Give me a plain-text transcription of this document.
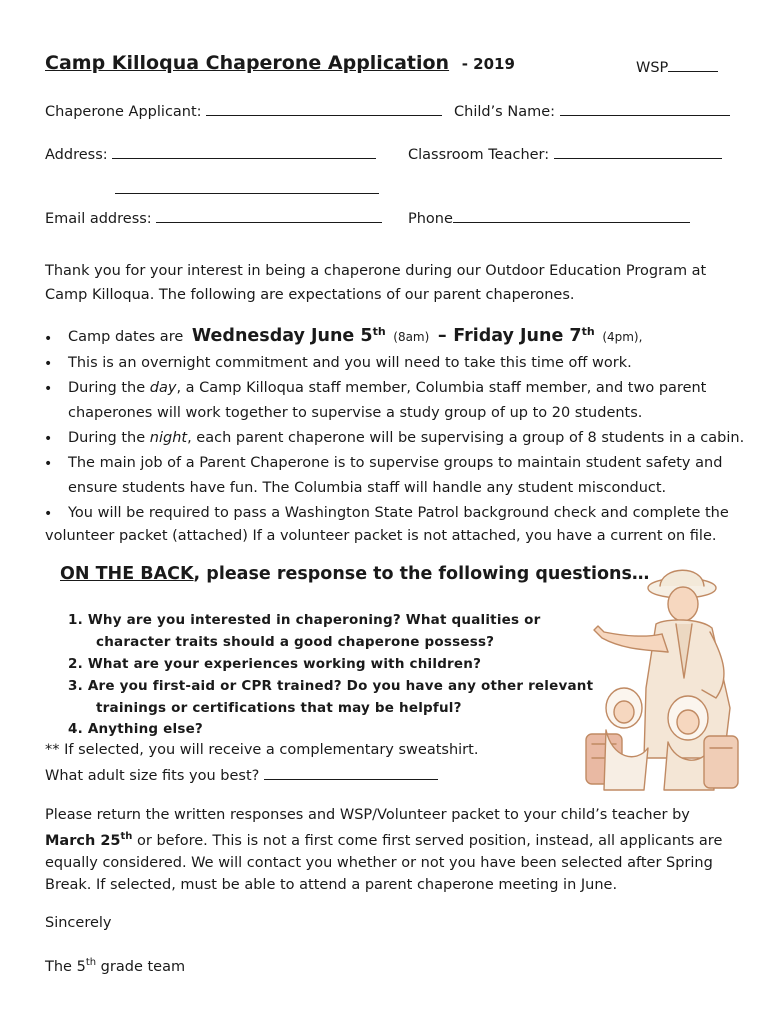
Camp Killoqua Chaperone Application - 2019	WSP
Chaperone Applicant:	Child’s Name:
Address:	Classroom Teacher:
Email address:	Phone
Thank you for your interest in being a chaperone during our Outdoor Education Program at Camp Killoqua. The following are expectations of our parent chaperones.
• Camp dates are Wednesday June 5th (8am) – Friday June 7th (4pm),
• This is an overnight commitment and you will need to take this time off work.
• During the day, a Camp Killoqua staff member, Columbia staff member, and two parent
chaperones will work together to supervise a study group of up to 20 students.
• During the night, each parent chaperone will be supervising a group of 8 students in a cabin.
• The main job of a Parent Chaperone is to supervise groups to maintain student safety and
ensure students have fun. The Columbia staff will handle any student misconduct.
• You will be required to pass a Washington State Patrol background check and complete the
volunteer packet (attached) If a volunteer packet is not attached, you have a current on file.
ON THE BACK, please response to the following questions…
1. Why are you interested in chaperoning? What qualities or
character traits should a good chaperone possess?
2. What are your experiences working with children?
3. Are you first-aid or CPR trained? Do you have any other relevant
trainings or certifications that may be helpful?
4. Anything else?
** If selected, you will receive a complementary sweatshirt.
What adult size fits you best?
Please return the written responses and WSP/Volunteer packet to your child’s teacher by
March 25th or before. This is not a first come first served position, instead, all applicants are
equally considered. We will contact you whether or not you have been selected after Spring
Break. If selected, must be able to attend a parent chaperone meeting in June.
Sincerely
The 5th grade team
